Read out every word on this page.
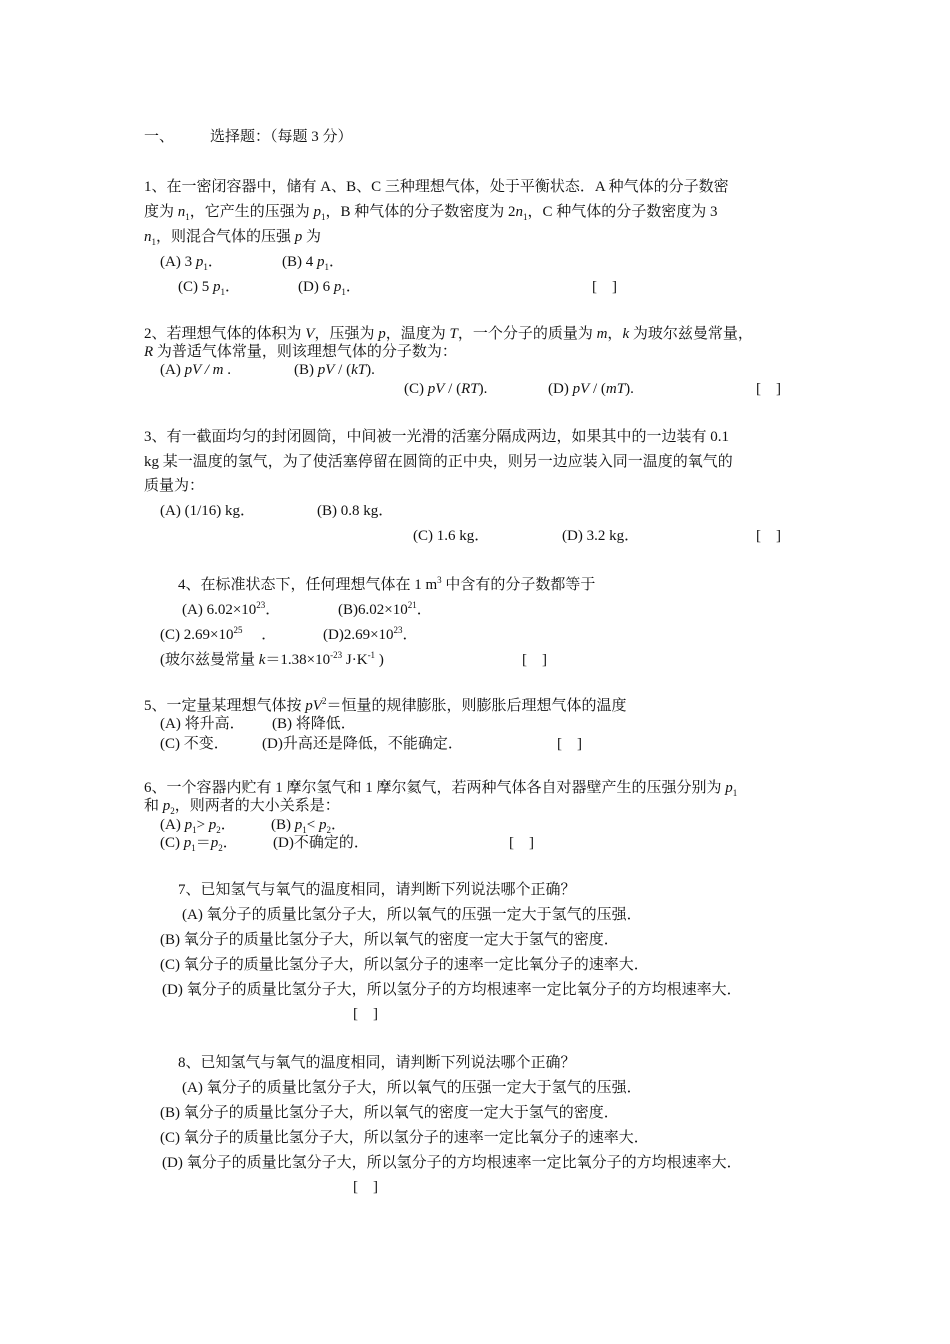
一、 选择题：（每题 3 分）
1、在一密闭容器中，储有 A、B、C 三种理想气体，处于平衡状态．A 种气体的分子数密
度为 $n_1$，它产生的压强为 $p_1$，B 种气体的分子数密度为 $2n_1$，C 种气体的分子数密度为 3
$n_1$，则混合气体的压强 p 为
(A) 3 $p_1$．	(B) 4 $p_1$．
(C) 5 $p_1$．	(D) 6 $p_1$．	[　]
2、若理想气体的体积为 V，压强为 p，温度为 T，一个分子的质量为 m，k 为玻尔兹曼常量，
R 为普适气体常量，则该理想气体的分子数为：
(A) pV / m .	(B) pV / (kT).
(C) pV / (RT).	(D) pV / (mT).	[　]
3、有一截面均匀的封闭圆筒，中间被一光滑的活塞分隔成两边，如果其中的一边装有 0.1
kg 某一温度的氢气，为了使活塞停留在圆筒的正中央，则另一边应装入同一温度的氧气的
质量为：
(A) (1/16) kg．	(B) 0.8 kg．
(C) 1.6 kg．	(D) 3.2 kg．	[　]
4、在标准状态下，任何理想气体在 1 $m^3$ 中含有的分子数都等于
(A) $6.02\times 10^{23}$．	$(B)6.02\times 10^{21}$．
(C) $2.69\times 10^{25}$　 ．	$(D)2.69\times 10^{23}$．
(玻尔兹曼常量 $k=1.38\times 10^{-23}$ $J\cdot K^{-1}$ )	[　]
5、一定量某理想气体按 $pV^2=$恒量的规律膨胀，则膨胀后理想气体的温度
(A) 将升高． (B) 将降低．
(C) 不变． (D)升高还是降低，不能确定．	[　]
6、一个容器内贮有 1 摩尔氢气和 1 摩尔氦气，若两种气体各自对器壁产生的压强分别为 $p_1$
和 $p_2$，则两者的大小关系是：
(A) $p_1> p_2$． (B) $p_1< p_2$．
(C) $p_1=p_2$． (D)不确定的．	[　]
7、已知氢气与氧气的温度相同，请判断下列说法哪个正确？
(A) 氧分子的质量比氢分子大，所以氧气的压强一定大于氢气的压强．
(B) 氧分子的质量比氢分子大，所以氧气的密度一定大于氢气的密度．
(C) 氧分子的质量比氢分子大，所以氢分子的速率一定比氧分子的速率大．
(D) 氧分子的质量比氢分子大，所以氢分子的方均根速率一定比氧分子的方均根速率大．
[　]
8、已知氢气与氧气的温度相同，请判断下列说法哪个正确？
(A) 氧分子的质量比氢分子大，所以氧气的压强一定大于氢气的压强．
(B) 氧分子的质量比氢分子大，所以氧气的密度一定大于氢气的密度．
(C) 氧分子的质量比氢分子大，所以氢分子的速率一定比氧分子的速率大．
(D) 氧分子的质量比氢分子大，所以氢分子的方均根速率一定比氧分子的方均根速率大．
[　]
